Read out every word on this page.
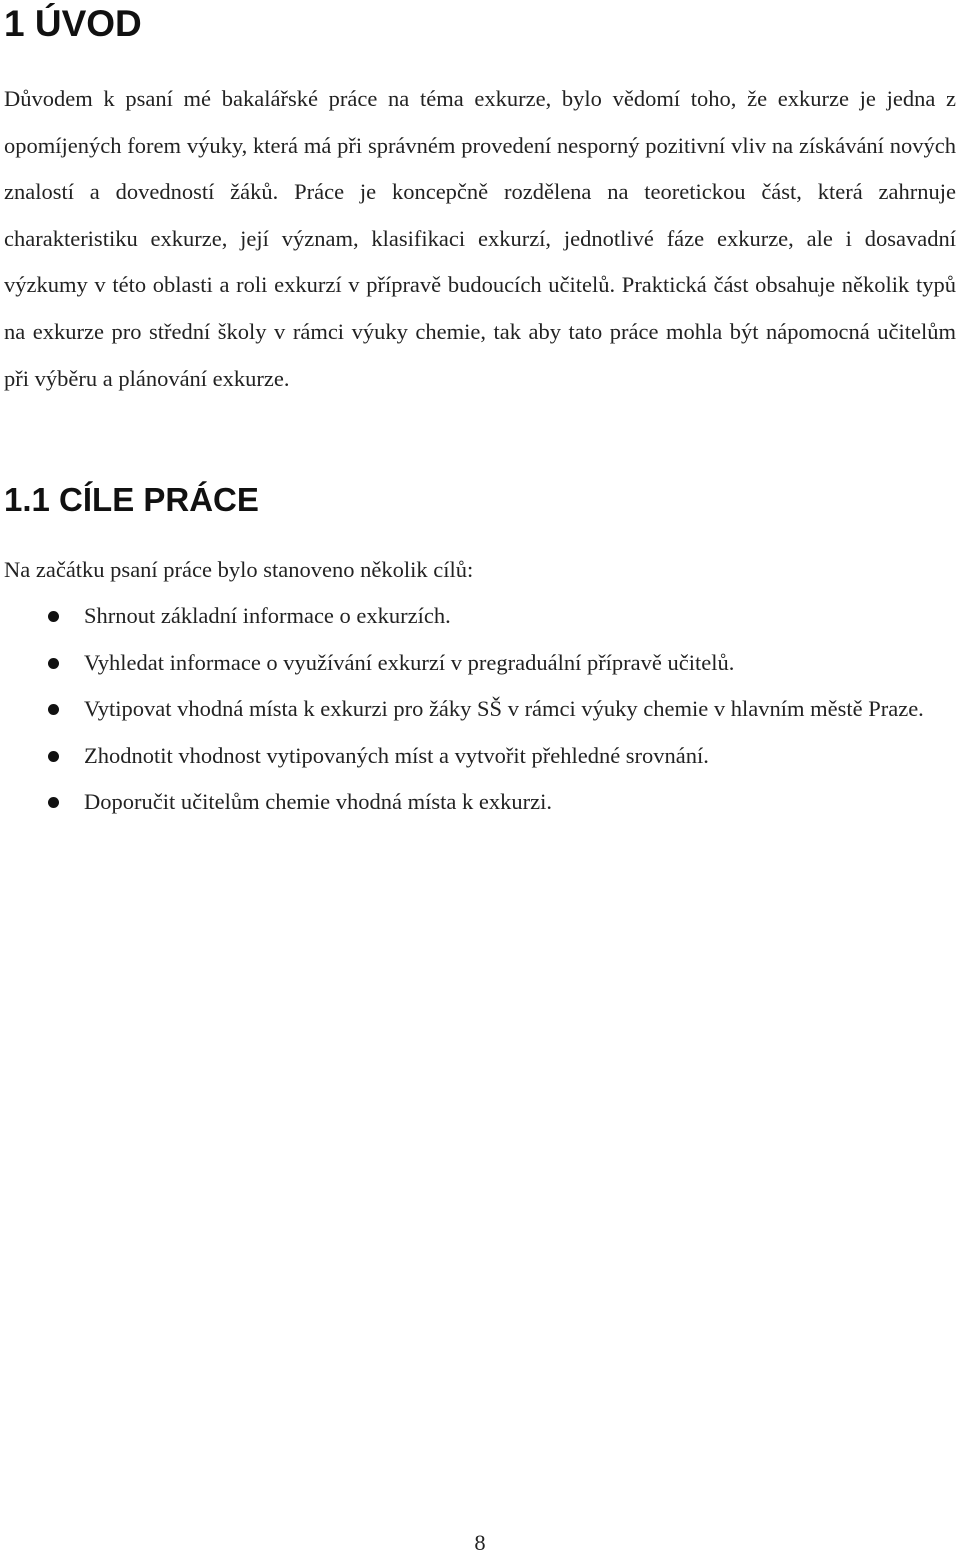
1 ÚVOD

Důvodem k psaní mé bakalářské práce na téma exkurze, bylo vědomí toho, že exkurze je jedna z opomíjených forem výuky, která má při správném provedení nesporný pozitivní vliv na získávání nových znalostí a dovedností žáků. Práce je koncepčně rozdělena na teoretickou část, která zahrnuje charakteristiku exkurze, její význam, klasifikaci exkurzí, jednotlivé fáze exkurze, ale i dosavadní výzkumy v této oblasti a roli exkurzí v přípravě budoucích učitelů. Praktická část obsahuje několik typů na exkurze pro střední školy v rámci výuky chemie, tak aby tato práce mohla být nápomocná učitelům při výběru a plánování exkurze.

1.1 CÍLE PRÁCE

Na začátku psaní práce bylo stanoveno několik cílů:

Shrnout základní informace o exkurzích.
Vyhledat informace o využívání exkurzí v pregraduální přípravě učitelů.
Vytipovat vhodná místa k exkurzi pro žáky SŠ v rámci výuky chemie v hlavním městě Praze.
Zhodnotit vhodnost vytipovaných míst a vytvořit přehledné srovnání.
Doporučit učitelům chemie vhodná místa k exkurzi.

8
